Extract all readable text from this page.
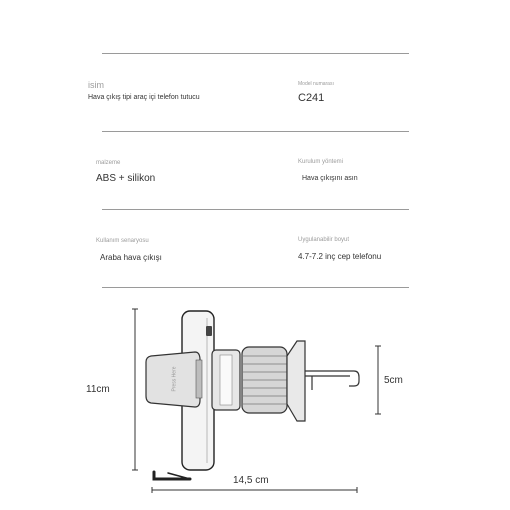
isim
Hava çıkış tipi araç içi telefon tutucu
Model numarası
C241
malzeme
ABS + silikon
Kurulum yöntemi
Hava çıkışını asın
Kullanım senaryosu
Araba hava çıkışı
Uygulanabilir boyut
4.7-7.2 inç cep telefonu
Press Here
11cm
14,5 cm
5cm
